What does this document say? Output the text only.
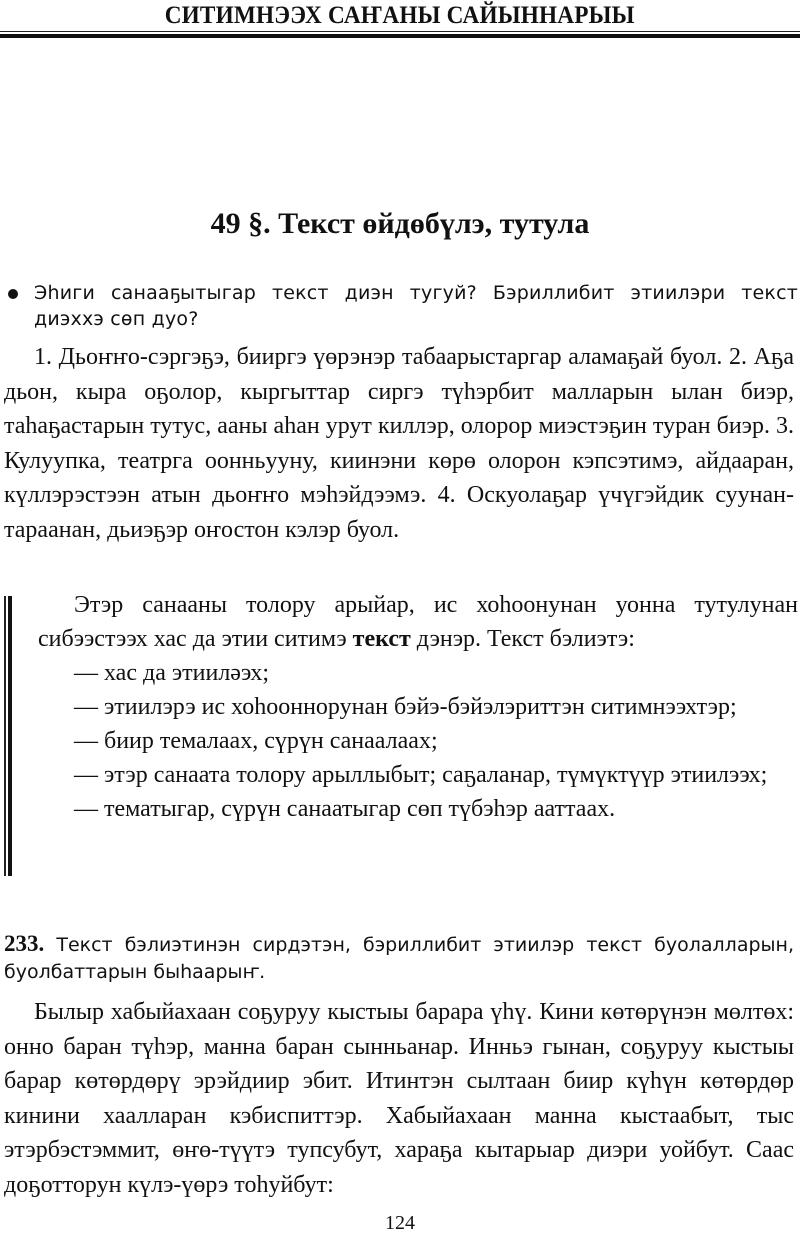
СИТИМНЭЭХ САҤАНЫ САЙЫННАРЫЫ
49 §. Текст өйдөбүлэ, тутула
Эһиги санааҕытыгар текст диэн тугуй? Бэриллибит этиилэри текст диэххэ сөп дуо?

1. Дьоҥҥо-сэргэҕэ, бииргэ үөрэнэр табаарыстаргар аламаҕай буол. 2. Аҕа дьон, кыра оҕолор, кыргыттар сиргэ түһэрбит малларын ылан биэр, таһаҕастарын тутус, ааны аһан урут киллэр, олорор миэстэҕин туран биэр. 3. Кулуупка, театрга оонньууну, киинэни көрө олорон кэпсэтимэ, айдааран, күллэрэстээн атын дьоҥҥо мэһэйдээмэ. 4. Оскуолаҕар үчүгэйдик суунан-тараанан, дьиэҕэр оҥостон кэлэр буол.

Этэр санааны толору арыйар, ис хоһоонунан уонна тутулунан сибээстээх хас да этии ситимэ текст дэнэр. Текст бэлиэтэ:

— хас да этииләэх;

— этиилэрэ ис хоһооннорунан бэйэ-бэйэлэриттэн ситимнээхтэр;

— биир темалаах, сүрүн санаалаах;

— этэр санаата толору арыллыбыт; саҕаланар, түмүктүүр этиилээх;

— тематыгар, сүрүн санаатыгар сөп түбэһэр ааттаах.

233. Текст бэлиэтинэн сирдэтэн, бэриллибит этиилэр текст буолалларын, буолбаттарын быһаарыҥ.

Былыр хабыйахаан соҕуруу кыстыы барара үһү. Кини көтөрүнэн мөлтөх: онно баран түһэр, манна баран сынньанар. Инньэ гынан, соҕуруу кыстыы барар көтөрдөрү эрэйдиир эбит. Итинтэн сылтаан биир күһүн көтөрдөр кинини хаалларан кэбиспиттэр. Хабыйахаан манна кыстаабыт, тыс этэрбэстэммит, өҥө-түүтэ тупсубут, хараҕа кытарыар диэри уойбут. Саас доҕотторун күлэ-үөрэ тоһуйбут:

124
